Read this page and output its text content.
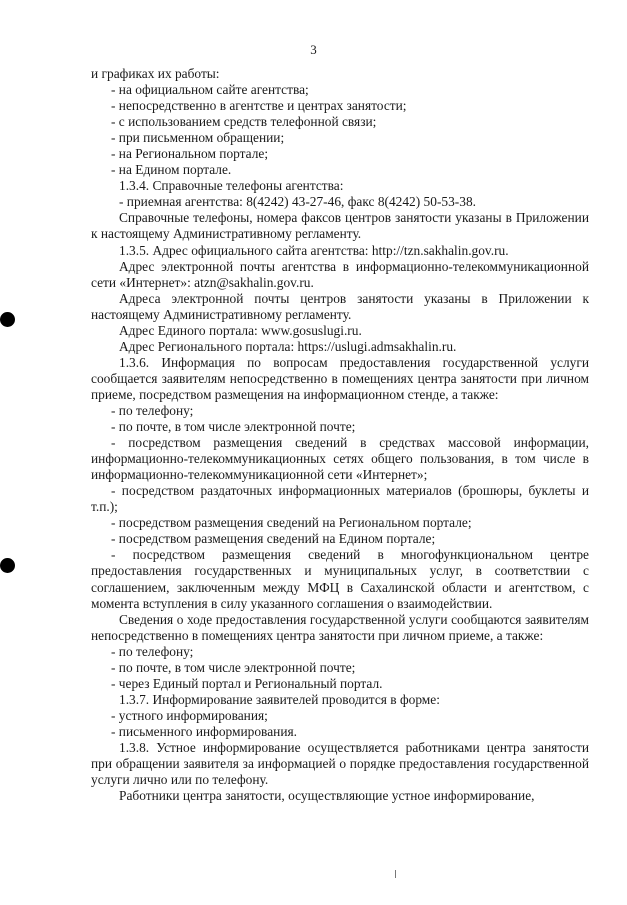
3

и графиках их работы:

- на официальном сайте агентства;

- непосредственно в агентстве и центрах занятости;

- с использованием средств телефонной связи;

- при письменном обращении;

- на Региональном портале;

- на Едином портале.

1.3.4. Справочные телефоны агентства:

- приемная агентства: 8(4242) 43-27-46, факс 8(4242) 50-53-38.

Справочные телефоны, номера факсов центров занятости указаны в Приложении к настоящему Административному регламенту.

1.3.5. Адрес официального сайта агентства: http://tzn.sakhalin.gov.ru.

Адрес электронной почты агентства в информационно-телекоммуникационной сети «Интернет»: atzn@sakhalin.gov.ru.

Адреса электронной почты центров занятости указаны в Приложении к настоящему Административному регламенту.

Адрес Единого портала: www.gosuslugi.ru.

Адрес Регионального портала: https://uslugi.admsakhalin.ru.

1.3.6. Информация по вопросам предоставления государственной услуги сообщается заявителям непосредственно в помещениях центра занятости при личном приеме, посредством размещения на информационном стенде, а также:

- по телефону;

- по почте, в том числе электронной почте;

- посредством размещения сведений в средствах массовой информации, информационно-телекоммуникационных сетях общего пользования, в том числе в информационно-телекоммуникационной сети «Интернет»;

- посредством раздаточных информационных материалов (брошюры, буклеты и т.п.);

- посредством размещения сведений на Региональном портале;

- посредством размещения сведений на Едином портале;

- посредством размещения сведений в многофункциональном центре предоставления государственных и муниципальных услуг, в соответствии с соглашением, заключенным между МФЦ в Сахалинской области и агентством, с момента вступления в силу указанного соглашения о взаимодействии.

Сведения о ходе предоставления государственной услуги сообщаются заявителям непосредственно в помещениях центра занятости при личном приеме, а также:

- по телефону;

- по почте, в том числе электронной почте;

- через Единый портал и Региональный портал.

1.3.7. Информирование заявителей проводится в форме:

- устного информирования;

- письменного информирования.

1.3.8. Устное информирование осуществляется работниками центра занятости при обращении заявителя за информацией о порядке предоставления государственной услуги лично или по телефону.

Работники центра занятости, осуществляющие устное информирование,
